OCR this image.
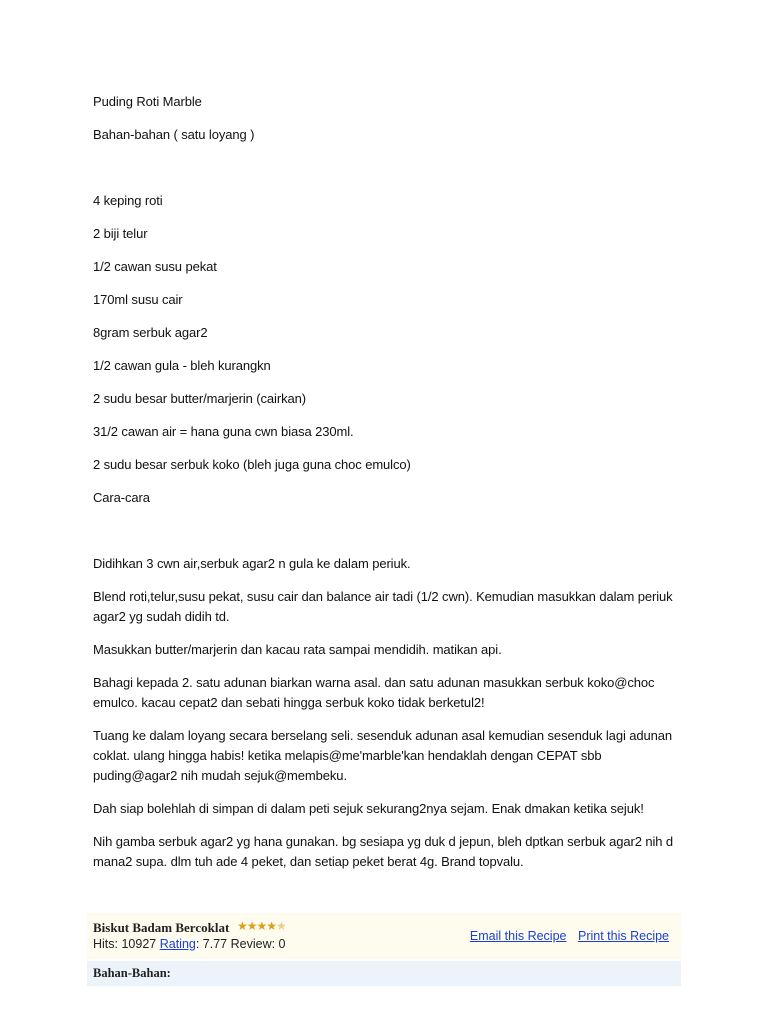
Puding Roti Marble
Bahan-bahan ( satu loyang )
4 keping roti
2 biji telur
1/2 cawan susu pekat
170ml susu cair
8gram serbuk agar2
1/2 cawan gula - bleh kurangkn
2 sudu besar butter/marjerin (cairkan)
31/2 cawan air = hana guna cwn biasa 230ml.
2 sudu besar serbuk koko (bleh juga guna choc emulco)
Cara-cara

Didihkan 3 cwn air,serbuk agar2 n gula ke dalam periuk.

Blend roti,telur,susu pekat, susu cair dan balance air tadi (1/2 cwn). Kemudian masukkan dalam periuk agar2 yg sudah didih td.

Masukkan butter/marjerin dan kacau rata sampai mendidih. matikan api.

Bahagi kepada 2. satu adunan biarkan warna asal. dan satu adunan masukkan serbuk koko@choc emulco. kacau cepat2 dan sebati hingga serbuk koko tidak berketul2!

Tuang ke dalam loyang secara berselang seli. sesenduk adunan asal kemudian sesenduk lagi adunan coklat. ulang hingga habis! ketika melapis@me'marble'kan hendaklah dengan CEPAT sbb puding@agar2 nih mudah sejuk@membeku.

Dah siap bolehlah di simpan di dalam peti sejuk sekurang2nya sejam. Enak dmakan ketika sejuk!

Nih gamba serbuk agar2 yg hana gunakan. bg sesiapa yg duk d jepun, bleh dptkan serbuk agar2 nih d mana2 supa. dlm tuh ade 4 peket, dan setiap peket berat 4g. Brand topvalu.

Biskut Badam Bercoklat ★★★★★
Hits: 10927 Rating: 7.77 Review: 0
Email this Recipe Print this Recipe
Bahan-Bahan:
